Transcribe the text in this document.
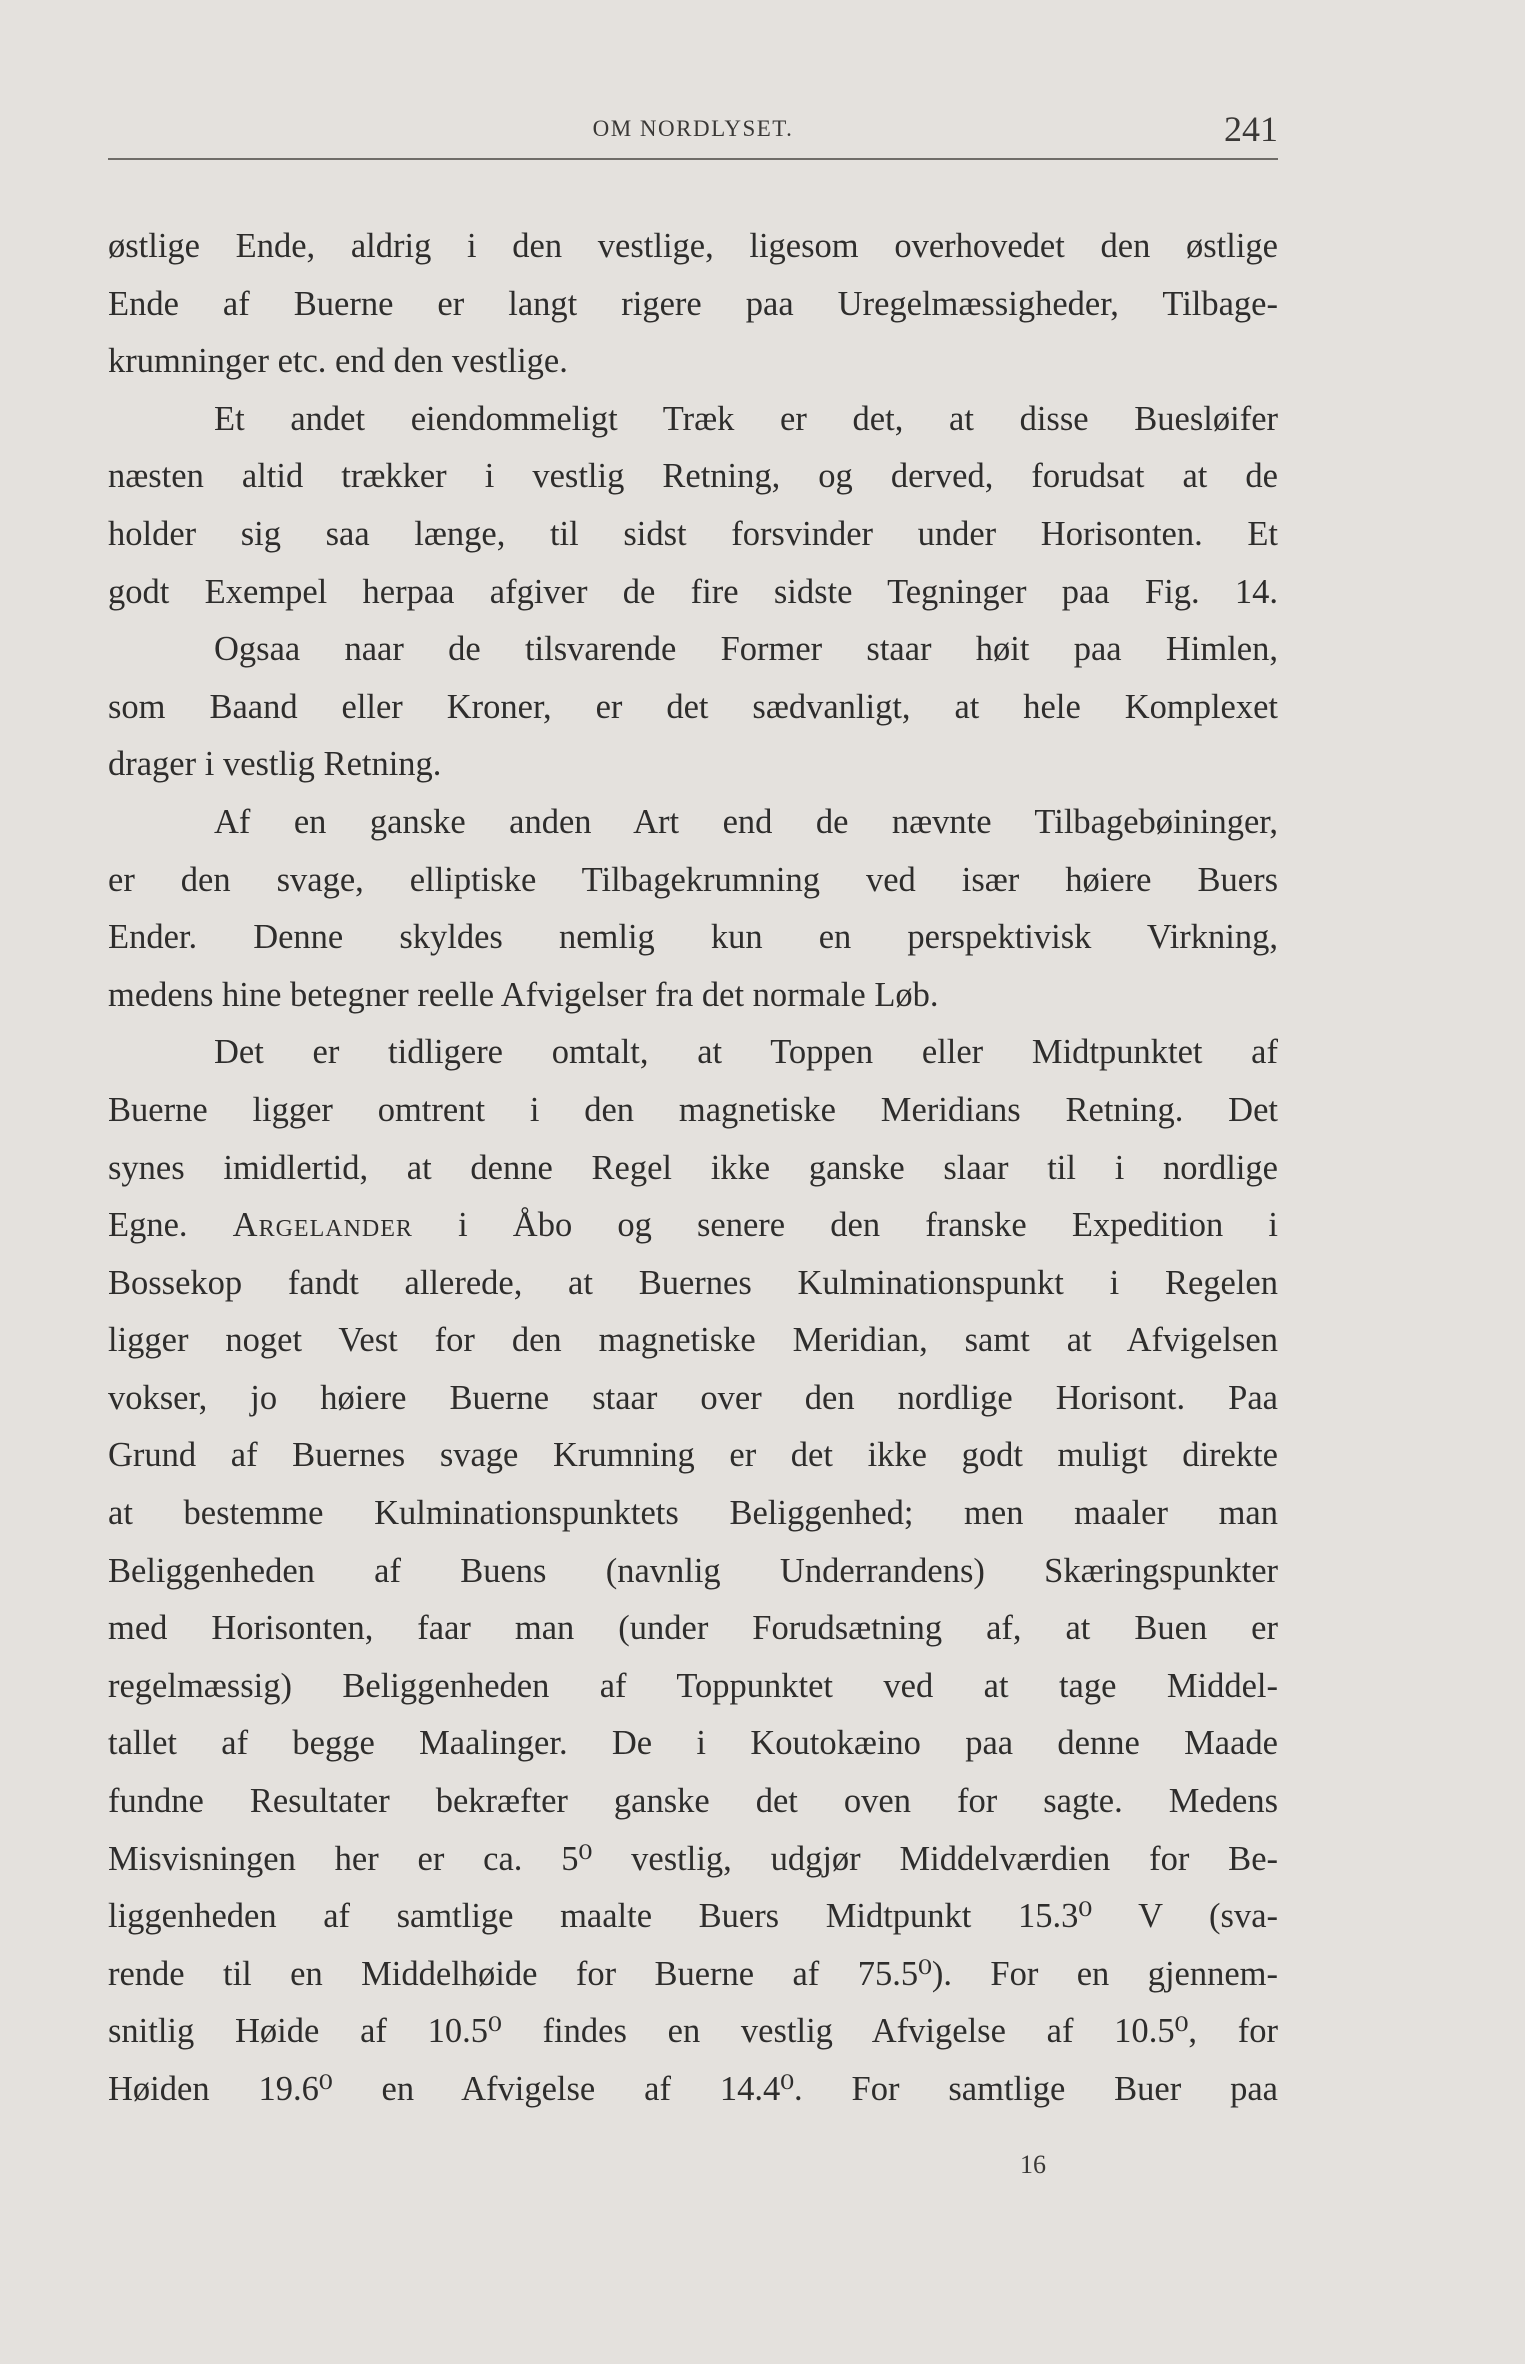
OM NORDLYSET.	241
østlige Ende, aldrig i den vestlige, ligesom overhovedet den østlige
Ende af Buerne er langt rigere paa Uregelmæssigheder, Tilbage-
krumninger etc. end den vestlige.
Et andet eiendommeligt Træk er det, at disse Buesløifer
næsten altid trækker i vestlig Retning, og derved, forudsat at de
holder sig saa længe, til sidst forsvinder under Horisonten. Et
godt Exempel herpaa afgiver de fire sidste Tegninger paa Fig. 14.
Ogsaa naar de tilsvarende Former staar høit paa Himlen,
som Baand eller Kroner, er det sædvanligt, at hele Komplexet
drager i vestlig Retning.
Af en ganske anden Art end de nævnte Tilbagebøininger,
er den svage, elliptiske Tilbagekrumning ved især høiere Buers
Ender. Denne skyldes nemlig kun en perspektivisk Virkning,
medens hine betegner reelle Afvigelser fra det normale Løb.
Det er tidligere omtalt, at Toppen eller Midtpunktet af
Buerne ligger omtrent i den magnetiske Meridians Retning. Det
synes imidlertid, at denne Regel ikke ganske slaar til i nordlige
Egne. Argelander i Åbo og senere den franske Expedition i
Bossekop fandt allerede, at Buernes Kulminationspunkt i Regelen
ligger noget Vest for den magnetiske Meridian, samt at Afvigelsen
vokser, jo høiere Buerne staar over den nordlige Horisont. Paa
Grund af Buernes svage Krumning er det ikke godt muligt direkte
at bestemme Kulminationspunktets Beliggenhed; men maaler man
Beliggenheden af Buens (navnlig Underrandens) Skæringspunkter
med Horisonten, faar man (under Forudsætning af, at Buen er
regelmæssig) Beliggenheden af Toppunktet ved at tage Middel-
tallet af begge Maalinger. De i Koutokæino paa denne Maade
fundne Resultater bekræfter ganske det oven for sagte. Medens
Misvisningen her er ca. 5⁰ vestlig, udgjør Middelværdien for Be-
liggenheden af samtlige maalte Buers Midtpunkt 15.3⁰ V (sva-
rende til en Middelhøide for Buerne af 75.5⁰). For en gjennem-
snitlig Høide af 10.5⁰ findes en vestlig Afvigelse af 10.5⁰, for
Høiden 19.6⁰ en Afvigelse af 14.4⁰. For samtlige Buer paa
16
